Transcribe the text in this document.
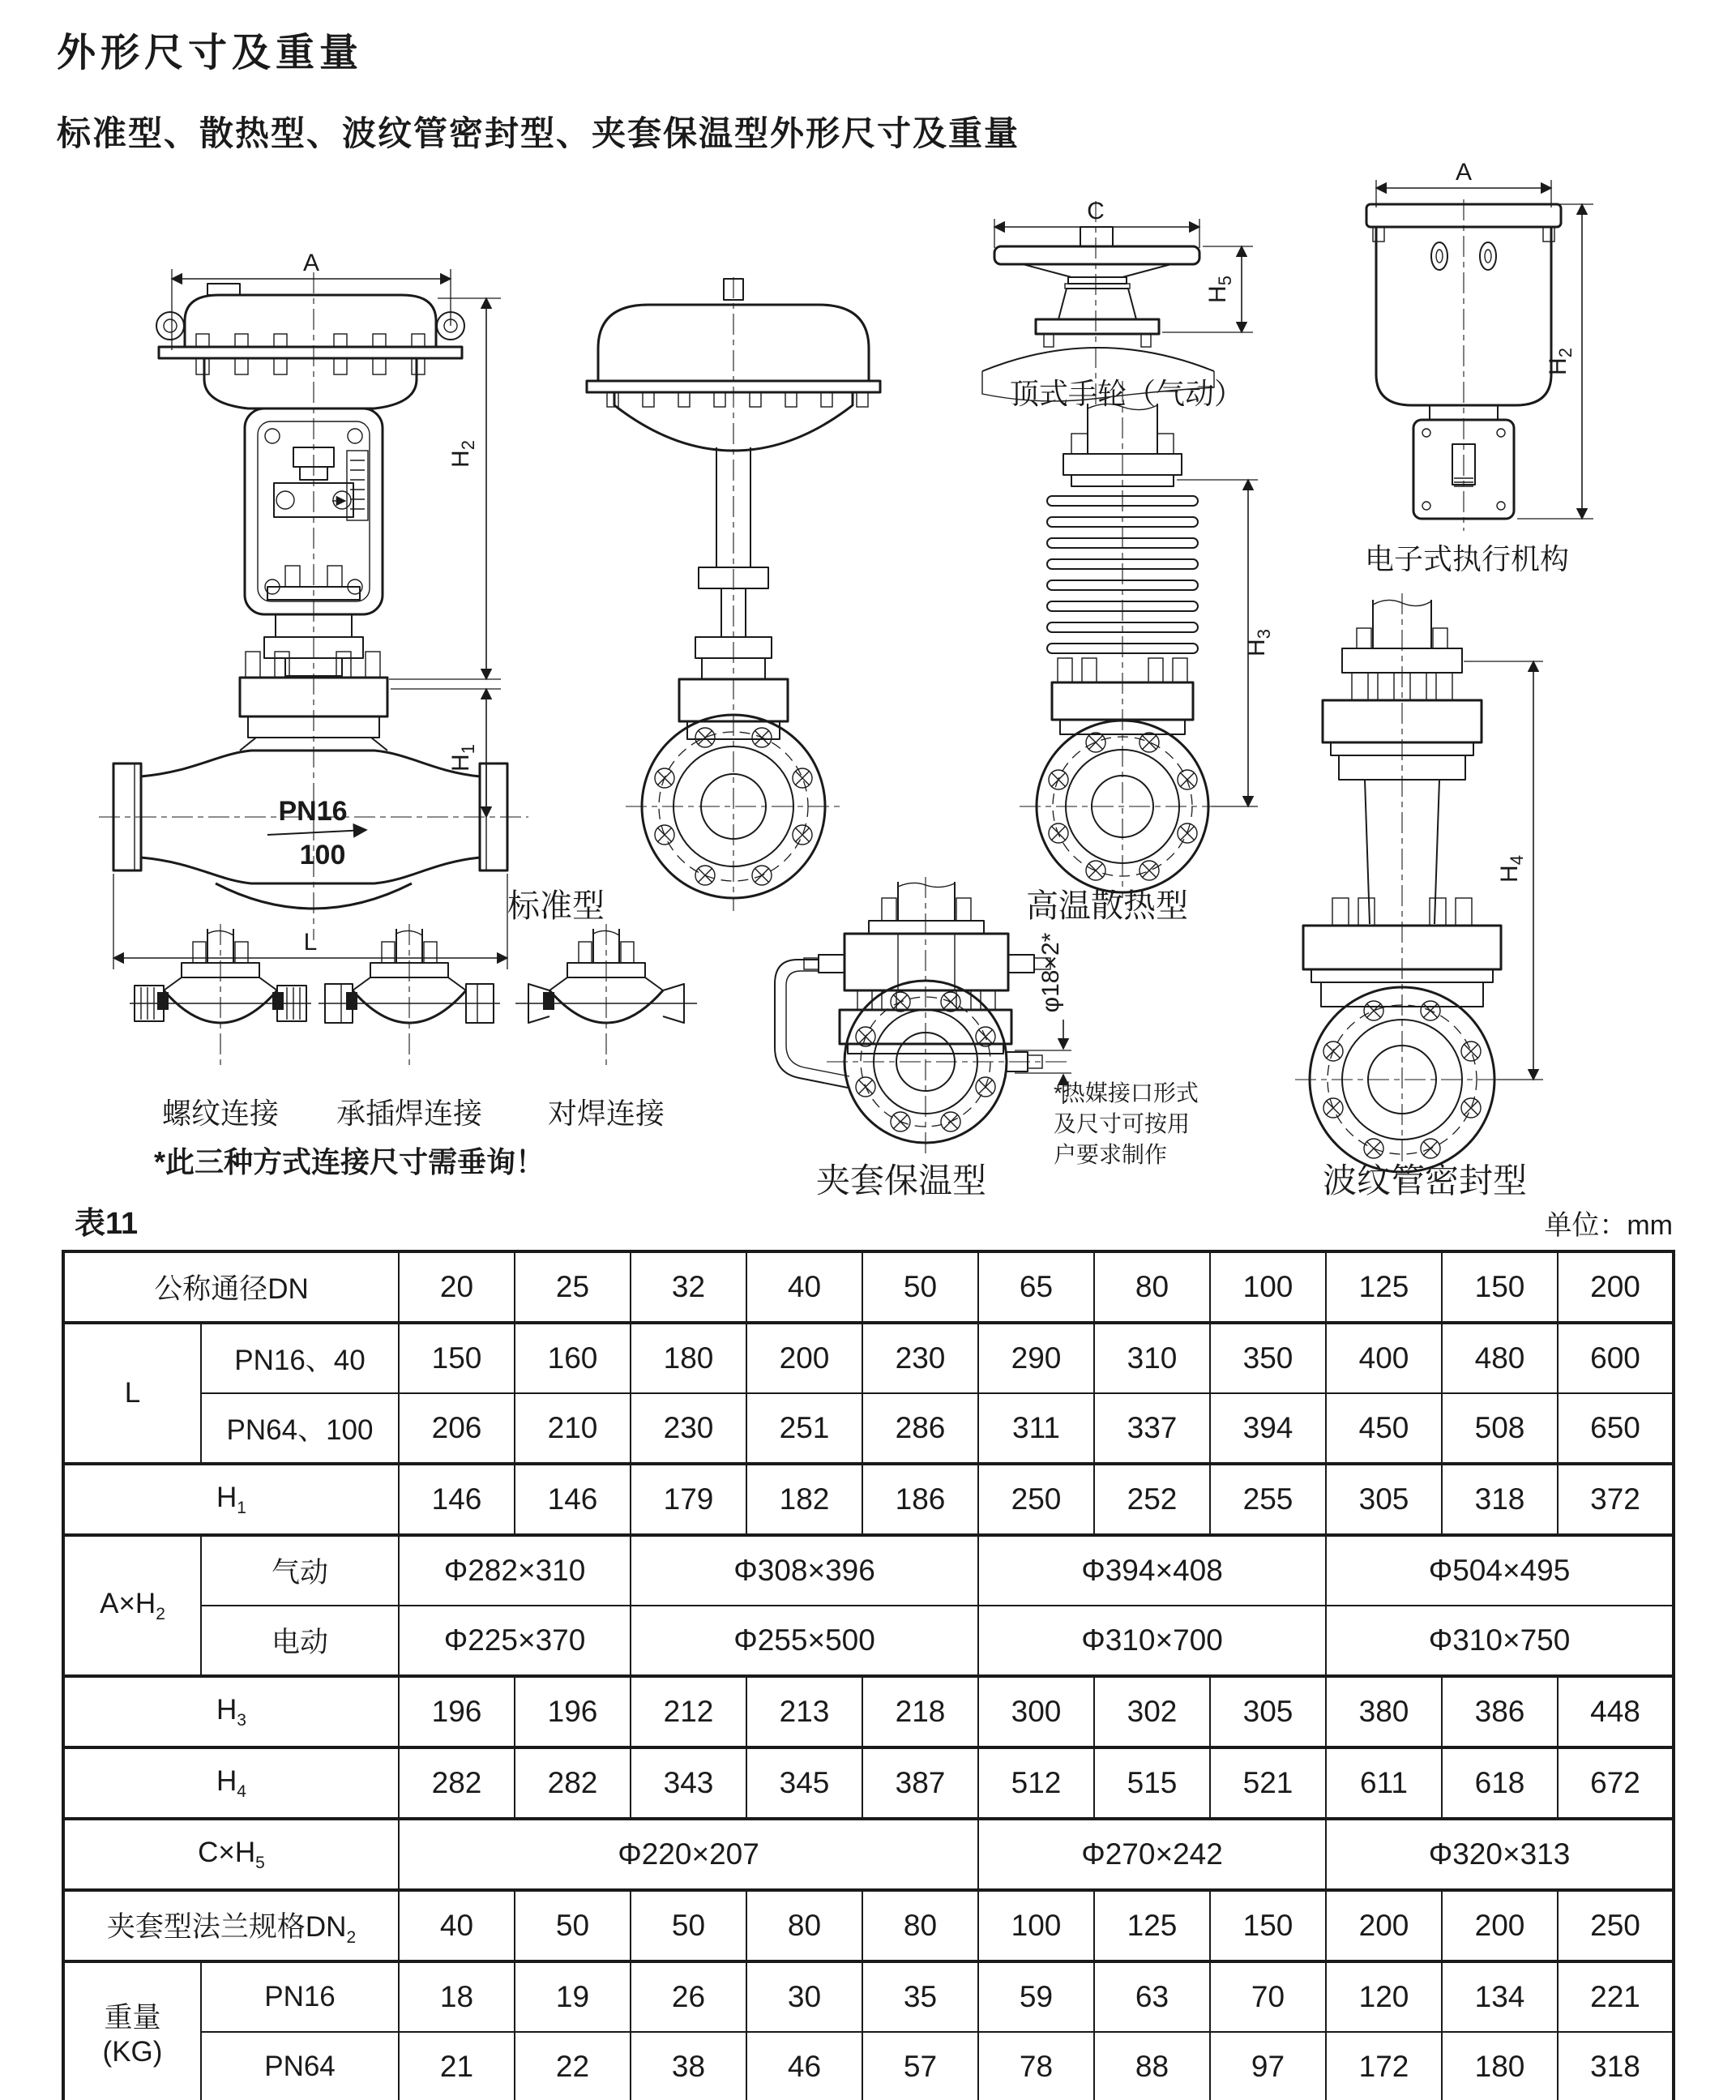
外形尺寸及重量
标准型、散热型、波纹管密封型、夹套保温型外形尺寸及重量
A
PN16
100
$H_2$
$H_1$
L
C
$H_5$
A
$H_2$
$H_3$
$H_4$
φ18×2*
标准型
顶式手轮（气动）
电子式执行机构
高温散热型
夹套保温型	波纹管密封型
螺纹连接 承插焊连接 对焊连接
*此三种方式连接尺寸需垂询！
*热媒接口形式
及尺寸可按用
户要求制作
表11	单位：mm
公称通径DN		20	25	32	40	50	65	80	100	125	150	200
L	PN16、40	150	160	180	200	230	290	310	350	400	480	600
	PN64、100	206	210	230	251	286	311	337	394	450	508	650
$H_1$		146	146	179	182	186	250	252	255	305	318	372
$A\times H_2$	气动	Φ282×310		Φ308×396			Φ394×408			Φ504×495		
	电动	Φ225×370		Φ255×500			Φ310×700			Φ310×750		
$H_3$		196	196	212	213	218	300	302	305	380	386	448
$H_4$		282	282	343	345	387	512	515	521	611	618	672
$C\times H_5$		Φ220×207					Φ270×242			Φ320×313		
夹套型法兰规格$DN_2$		40	50	50	80	80	100	125	150	200	200	250

重量
(KG)	PN16	18	19	26	30	35	59	63	70	120	134	221
	PN64	21	22	38	46	57	78	88	97	172	180	318
